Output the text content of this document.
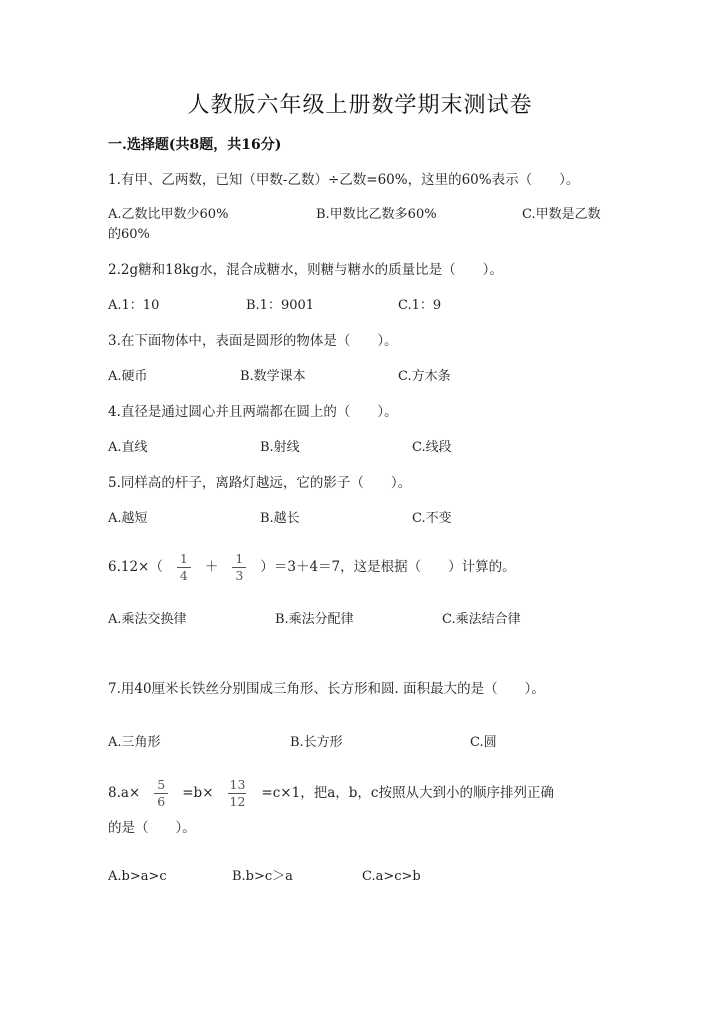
人教版六年级上册数学期末测试卷
一.选择题(共8题，共16分)
1.有甲、乙两数，已知（甲数-乙数）÷乙数=60%，这里的60%表示（　　）。
A.乙数比甲数少60%	B.甲数比乙数多60%	C.甲数是乙数
的60%
2.2g糖和18kg水，混合成糖水，则糖与糖水的质量比是（　　）。
A.1：10	B.1：9001	C.1：9
3.在下面物体中，表面是圆形的物体是（　　）。
A.硬币	B.数学课本	C.方木条
4.直径是通过圆心并且两端都在圆上的（　　）。
A.直线	B.射线	C.线段
5.同样高的杆子，离路灯越远，它的影子（　　）。
A.越短	B.越长	C.不变
$6.12\times( \frac{1}{4} + \frac{1}{3} )=3+4=7$，这是根据（　　）计算的。
A.乘法交换律	B.乘法分配律	C.乘法结合律
7.用40厘米长铁丝分别围成三角形、长方形和圆. 面积最大的是（　　）。
A.三角形	B.长方形	C.圆
$8.a\times \frac{5}{6} =b\times \frac{13}{12} =c\times 1$，把a，b，c按照从大到小的顺序排列正确
的是（　　）。
A.b>a>c	B.b>c＞a	C.a>c>b
